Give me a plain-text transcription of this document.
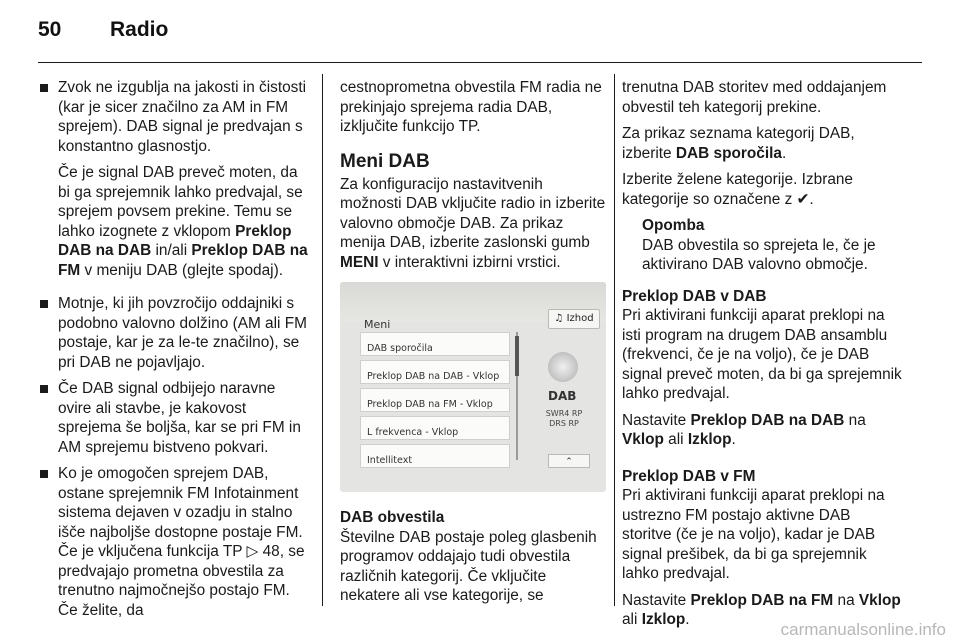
50 Radio

Zvok ne izgublja na jakosti in čistosti (kar je sicer značilno za AM in FM sprejem). DAB signal je predvajan s konstantno glasnostjo.

Če je signal DAB preveč moten, da bi ga sprejemnik lahko predvajal, se sprejem povsem prekine. Temu se lahko izognete z vklopom Preklop DAB na DAB in/ali Preklop DAB na FM v meniju DAB (glejte spodaj).

Motnje, ki jih povzročijo oddajniki s podobno valovno dolžino (AM ali FM postaje, kar je za le-te značilno), se pri DAB ne pojavljajo.
Če DAB signal odbijejo naravne ovire ali stavbe, je kakovost sprejema še boljša, kar se pri FM in AM sprejemu bistveno pokvari.
Ko je omogočen sprejem DAB, ostane sprejemnik FM Infotainment sistema dejaven v ozadju in stalno išče najboljše dostopne postaje FM. Če je vključena funkcija TP ▷ 48, se predvajajo prometna obvestila za trenutno najmočnejšo postajo FM. Če želite, da

cestnoprometna obvestila FM radia ne prekinjajo sprejema radia DAB, izključite funkcijo TP.

Meni DAB

Za konfiguracijo nastavitvenih možnosti DAB vključite radio in izberite valovno območje DAB. Za prikaz menija DAB, izberite zaslonski gumb MENI v interaktivni izbirni vrstici.

Meni	♫ Izhod
DAB sporočila
Preklop DAB na DAB - Vklop
Preklop DAB na FM - Vklop
L frekvenca - Vklop
Intellitext
DAB
SWR4 RP
DRS RP
⌃
DAB obvestila

Številne DAB postaje poleg glasbenih programov oddajajo tudi obvestila različnih kategorij. Če vključite nekatere ali vse kategorije, se

trenutna DAB storitev med oddajanjem obvestil teh kategorij prekine.

Za prikaz seznama kategorij DAB, izberite DAB sporočila.

Izberite želene kategorije. Izbrane kategorije so označene z ✔.

Opomba
DAB obvestila so sprejeta le, če je aktivirano DAB valovno območje.
Preklop DAB v DAB

Pri aktivirani funkciji aparat preklopi na isti program na drugem DAB ansamblu (frekvenci, če je na voljo), če je DAB signal preveč moten, da bi ga sprejemnik lahko predvajal.

Nastavite Preklop DAB na DAB na Vklop ali Izklop.

Preklop DAB v FM

Pri aktivirani funkciji aparat preklopi na ustrezno FM postajo aktivne DAB storitve (če je na voljo), kadar je DAB signal prešibek, da bi ga sprejemnik lahko predvajal.

Nastavite Preklop DAB na FM na Vklop ali Izklop.

carmanualsonline.info
